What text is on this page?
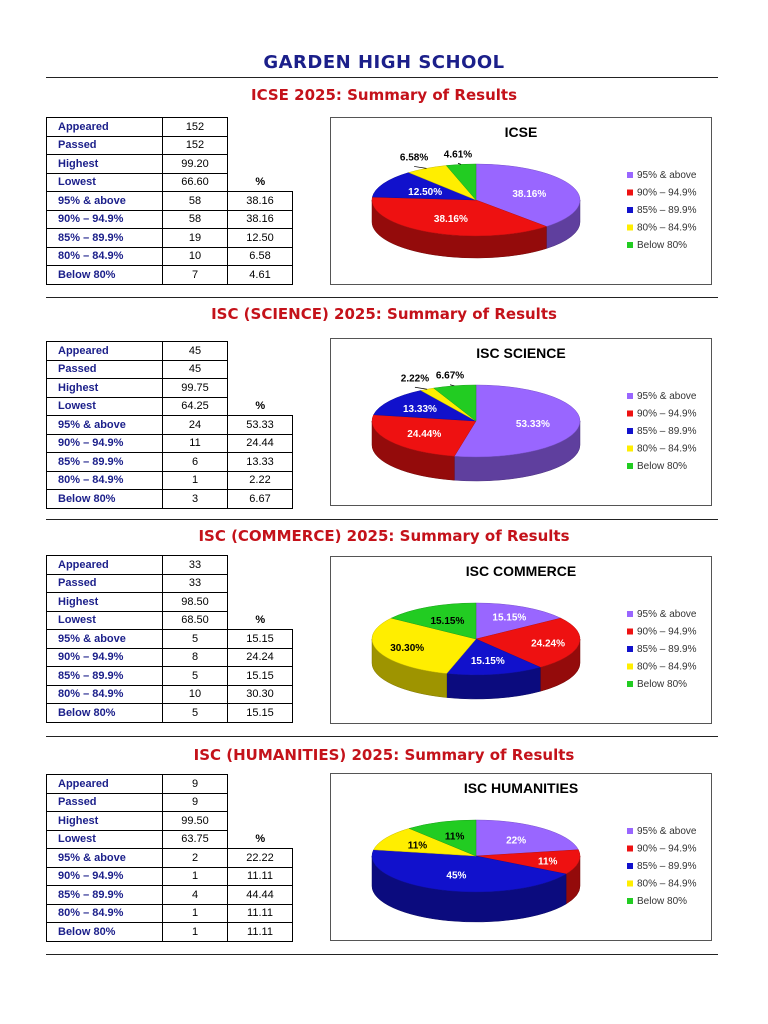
GARDEN HIGH SCHOOL
ICSE 2025: Summary of Results
Appeared	152	
Passed	152	
Highest	99.20	
Lowest	66.60	%
95% & above	58	38.16
90% – 94.9%	58	38.16
85% – 89.9%	19	12.50
80% – 84.9%	10	6.58
Below 80%	7	4.61
ICSE
38.16%
38.16%
12.50%
6.58% 4.61%
95% & above
90% – 94.9%
85% – 89.9%
80% – 84.9%
Below 80%
ISC (SCIENCE) 2025: Summary of Results
Appeared	45	
Passed	45	
Highest	99.75	
Lowest	64.25	%
95% & above	24	53.33
90% – 94.9%	11	24.44
85% – 89.9%	6	13.33
80% – 84.9%	1	2.22
Below 80%	3	6.67
ISC SCIENCE
53.33%
24.44%
13.33%
2.22% 6.67%
95% & above
90% – 94.9%
85% – 89.9%
80% – 84.9%
Below 80%
ISC (COMMERCE) 2025: Summary of Results
Appeared	33	
Passed	33	
Highest	98.50	
Lowest	68.50	%
95% & above	5	15.15
90% – 94.9%	8	24.24
85% – 89.9%	5	15.15
80% – 84.9%	10	30.30
Below 80%	5	15.15
ISC COMMERCE
15.15%
24.24%
15.15%
30.30%
15.15%
95% & above
90% – 94.9%
85% – 89.9%
80% – 84.9%
Below 80%
ISC (HUMANITIES) 2025: Summary of Results
Appeared	9	
Passed	9	
Highest	99.50	
Lowest	63.75	%
95% & above	2	22.22
90% – 94.9%	1	11.11
85% – 89.9%	4	44.44
80% – 84.9%	1	11.11
Below 80%	1	11.11
ISC HUMANITIES
22%
11%
45%
11%
11%
95% & above
90% – 94.9%
85% – 89.9%
80% – 84.9%
Below 80%
